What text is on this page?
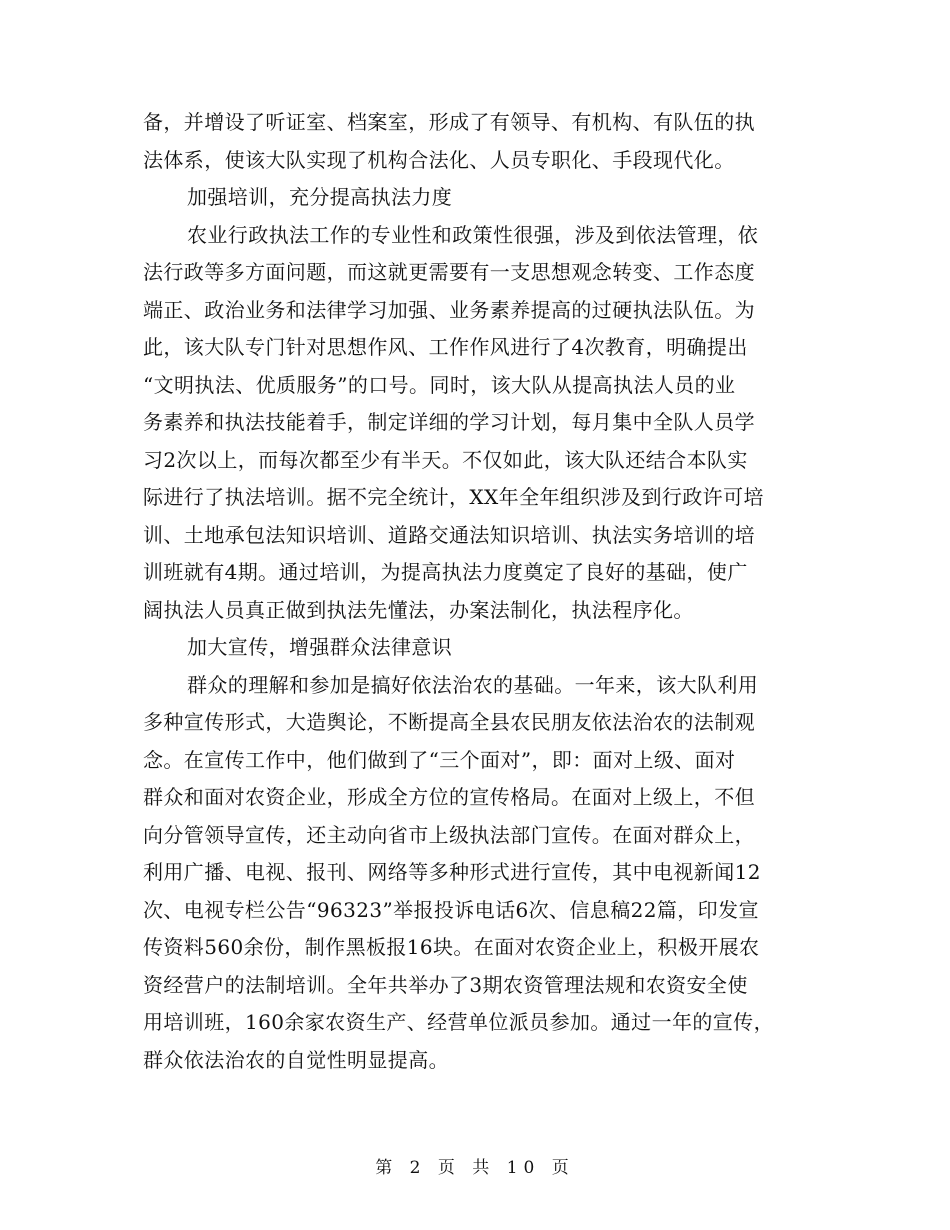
备，并增设了听证室、档案室，形成了有领导、有机构、有队伍的执
法体系，使该大队实现了机构合法化、人员专职化、手段现代化。
加强培训，充分提高执法力度
农业行政执法工作的专业性和政策性很强，涉及到依法管理，依
法行政等多方面问题，而这就更需要有一支思想观念转变、工作态度
端正、政治业务和法律学习加强、业务素养提高的过硬执法队伍。为
此，该大队专门针对思想作风、工作作风进行了4次教育，明确提出
“文明执法、优质服务”的口号。同时，该大队从提高执法人员的业
务素养和执法技能着手，制定详细的学习计划，每月集中全队人员学
习2次以上，而每次都至少有半天。不仅如此，该大队还结合本队实
际进行了执法培训。据不完全统计，XX年全年组织涉及到行政许可培
训、土地承包法知识培训、道路交通法知识培训、执法实务培训的培
训班就有4期。通过培训，为提高执法力度奠定了良好的基础，使广
阔执法人员真正做到执法先懂法，办案法制化，执法程序化。
加大宣传，增强群众法律意识
群众的理解和参加是搞好依法治农的基础。一年来，该大队利用
多种宣传形式，大造舆论，不断提高全县农民朋友依法治农的法制观
念。在宣传工作中，他们做到了“三个面对”，即：面对上级、面对
群众和面对农资企业，形成全方位的宣传格局。在面对上级上，不但
向分管领导宣传，还主动向省市上级执法部门宣传。在面对群众上，
利用广播、电视、报刊、网络等多种形式进行宣传，其中电视新闻12
次、电视专栏公告“96323”举报投诉电话6次、信息稿22篇，印发宣
传资料560余份，制作黑板报16块。在面对农资企业上，积极开展农
资经营户的法制培训。全年共举办了3期农资管理法规和农资安全使
用培训班，160余家农资生产、经营单位派员参加。通过一年的宣传，
群众依法治农的自觉性明显提高。
第 2 页 共 10 页
